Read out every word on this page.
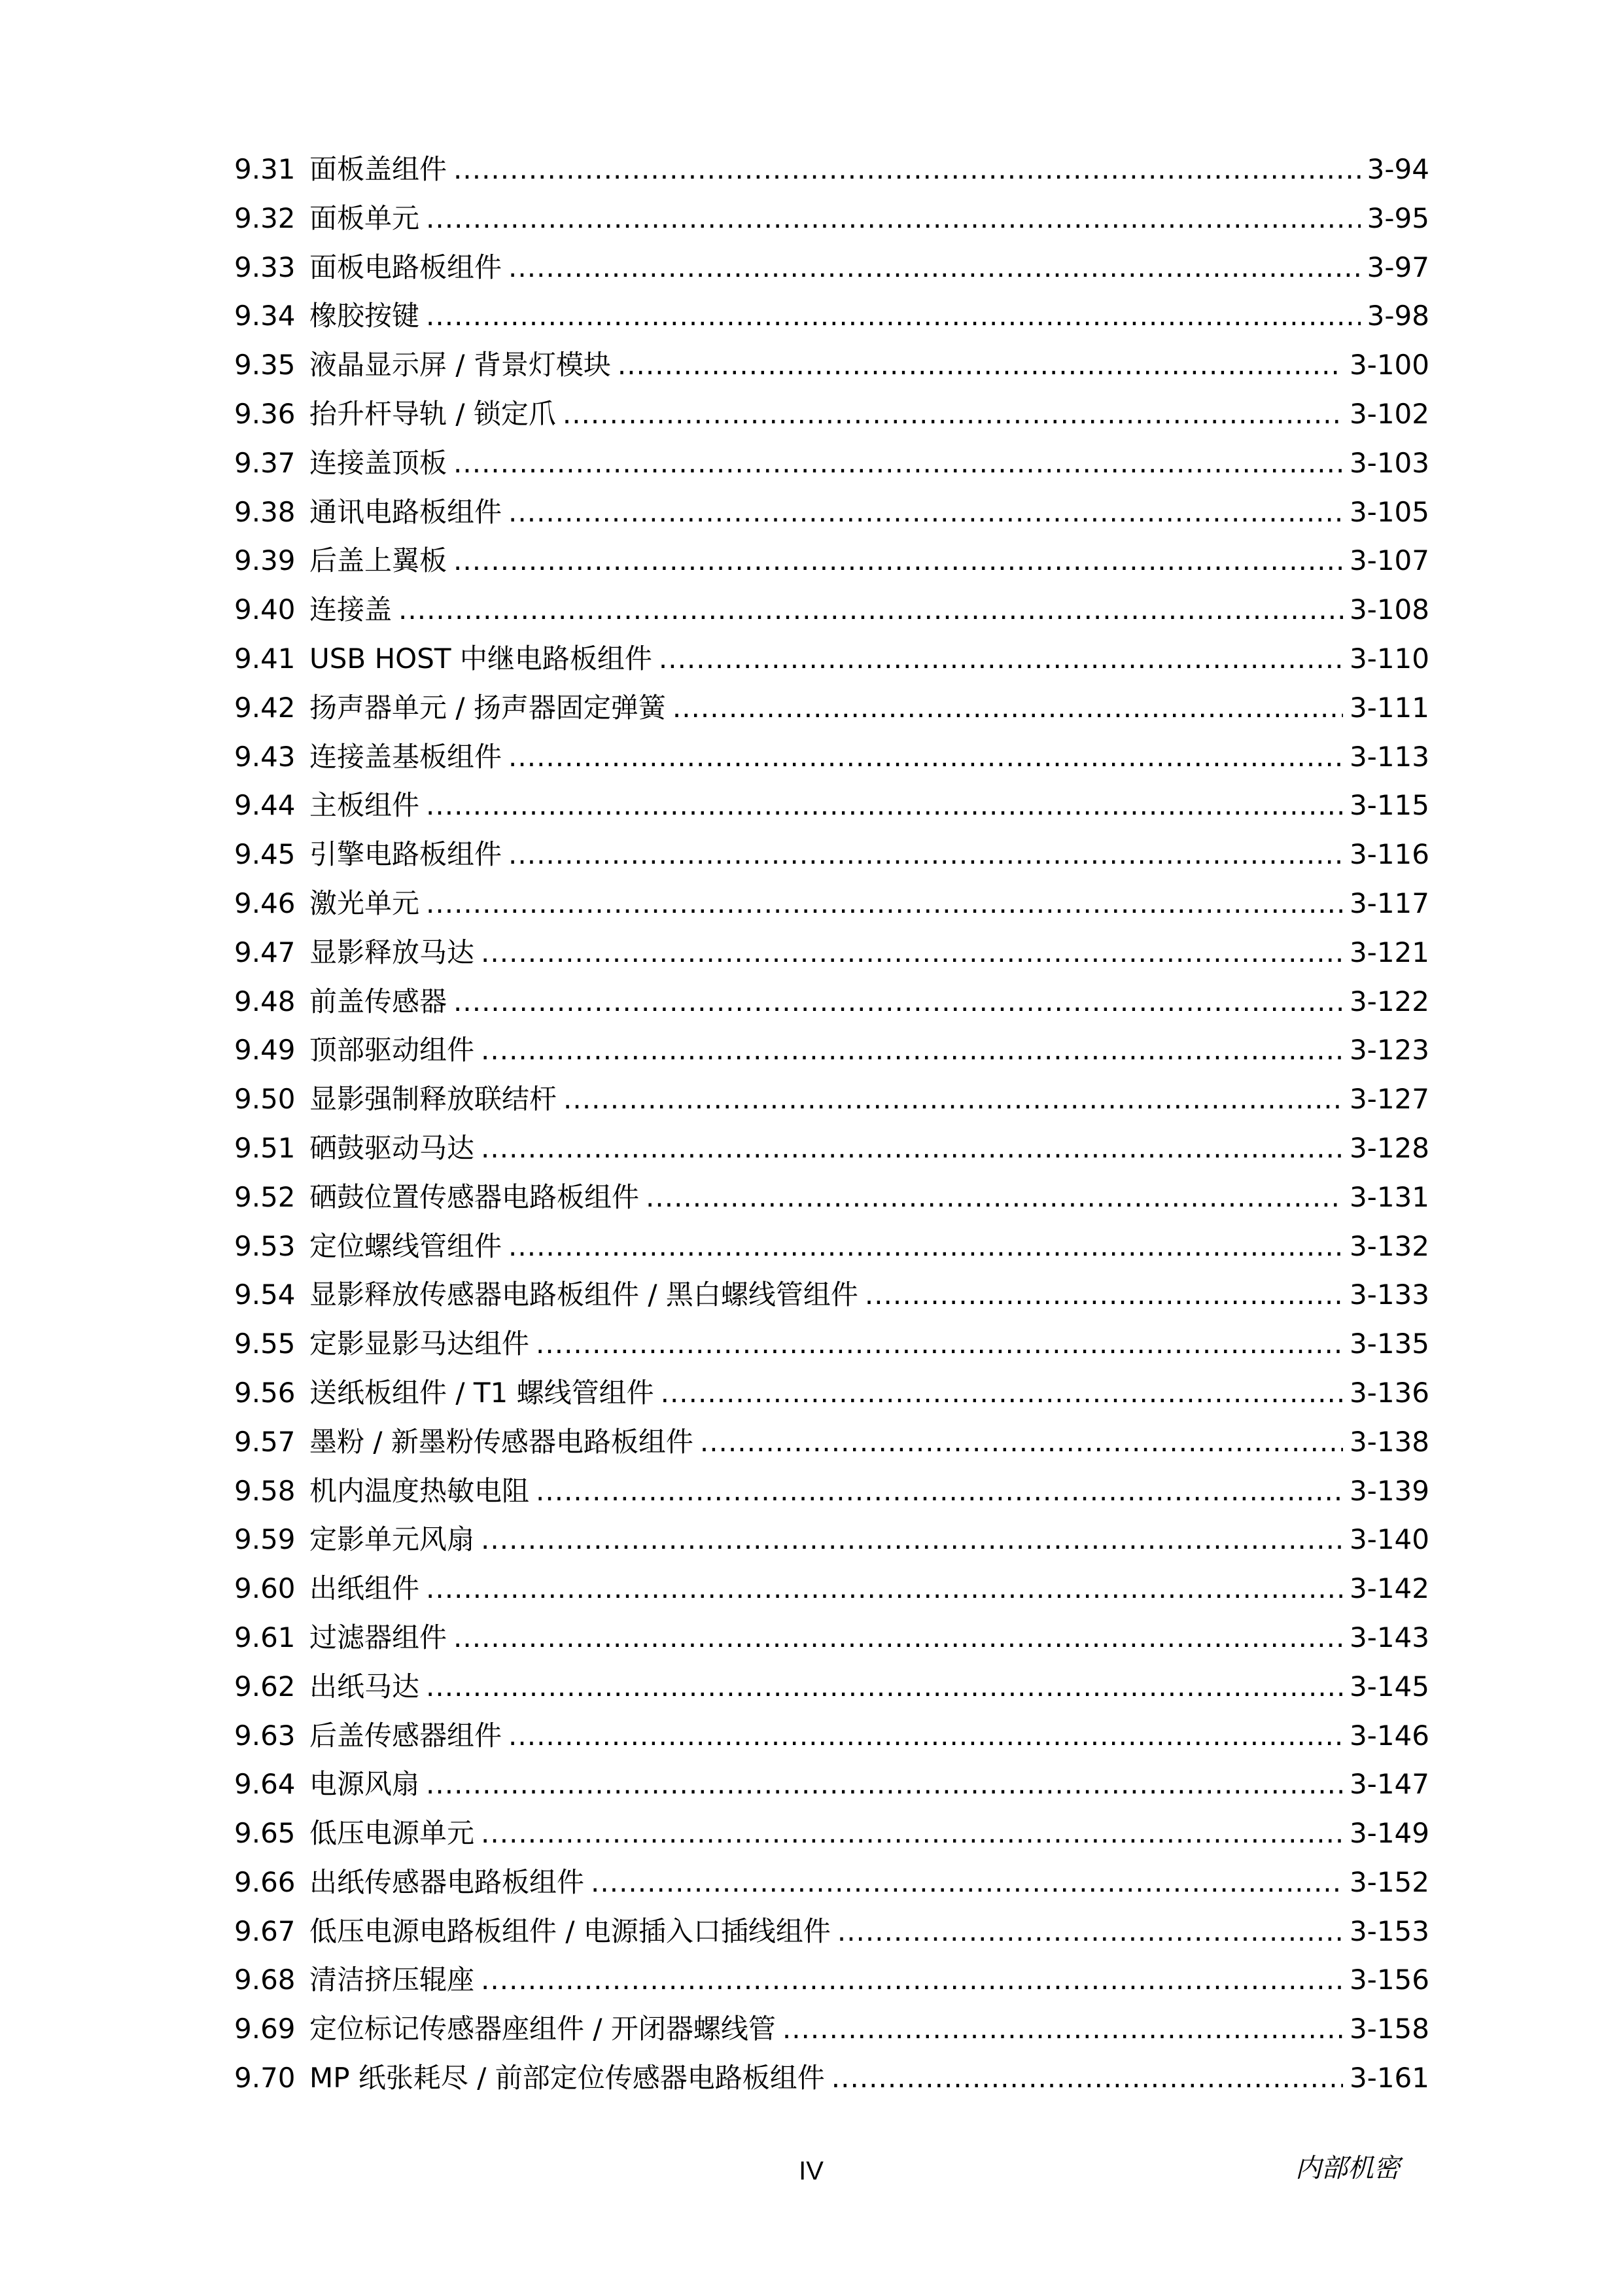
9.31 面板盖组件 .....	3-94
9.32 面板单元 .....	3-95
9.33 面板电路板组件 .....	3-97
9.34 橡胶按键 .....	3-98
9.35 液晶显示屏 / 背景灯模块 .....	3-100
9.36 抬升杆导轨 / 锁定爪 .....	3-102
9.37 连接盖顶板 .....	3-103
9.38 通讯电路板组件 .....	3-105
9.39 后盖上翼板 .....	3-107
9.40 连接盖 .....	3-108
9.41 USB HOST 中继电路板组件 .....	3-110
9.42 扬声器单元 / 扬声器固定弹簧 .....	3-111
9.43 连接盖基板组件 .....	3-113
9.44 主板组件 .....	3-115
9.45 引擎电路板组件 .....	3-116
9.46 激光单元 .....	3-117
9.47 显影释放马达 .....	3-121
9.48 前盖传感器 .....	3-122
9.49 顶部驱动组件 .....	3-123
9.50 显影强制释放联结杆 .....	3-127
9.51 硒鼓驱动马达 .....	3-128
9.52 硒鼓位置传感器电路板组件 .....	3-131
9.53 定位螺线管组件 .....	3-132
9.54 显影释放传感器电路板组件 / 黑白螺线管组件 .....	3-133
9.55 定影显影马达组件 .....	3-135
9.56 送纸板组件 / T1 螺线管组件 .....	3-136
9.57 墨粉 / 新墨粉传感器电路板组件 .....	3-138
9.58 机内温度热敏电阻 .....	3-139
9.59 定影单元风扇 .....	3-140
9.60 出纸组件 .....	3-142
9.61 过滤器组件 .....	3-143
9.62 出纸马达 .....	3-145
9.63 后盖传感器组件 .....	3-146
9.64 电源风扇 .....	3-147
9.65 低压电源单元 .....	3-149
9.66 出纸传感器电路板组件 .....	3-152
9.67 低压电源电路板组件 / 电源插入口插线组件 .....	3-153
9.68 清洁挤压辊座 .....	3-156
9.69 定位标记传感器座组件 / 开闭器螺线管 .....	3-158
9.70 MP 纸张耗尽 / 前部定位传感器电路板组件 .....	3-161
IV	内部机密
